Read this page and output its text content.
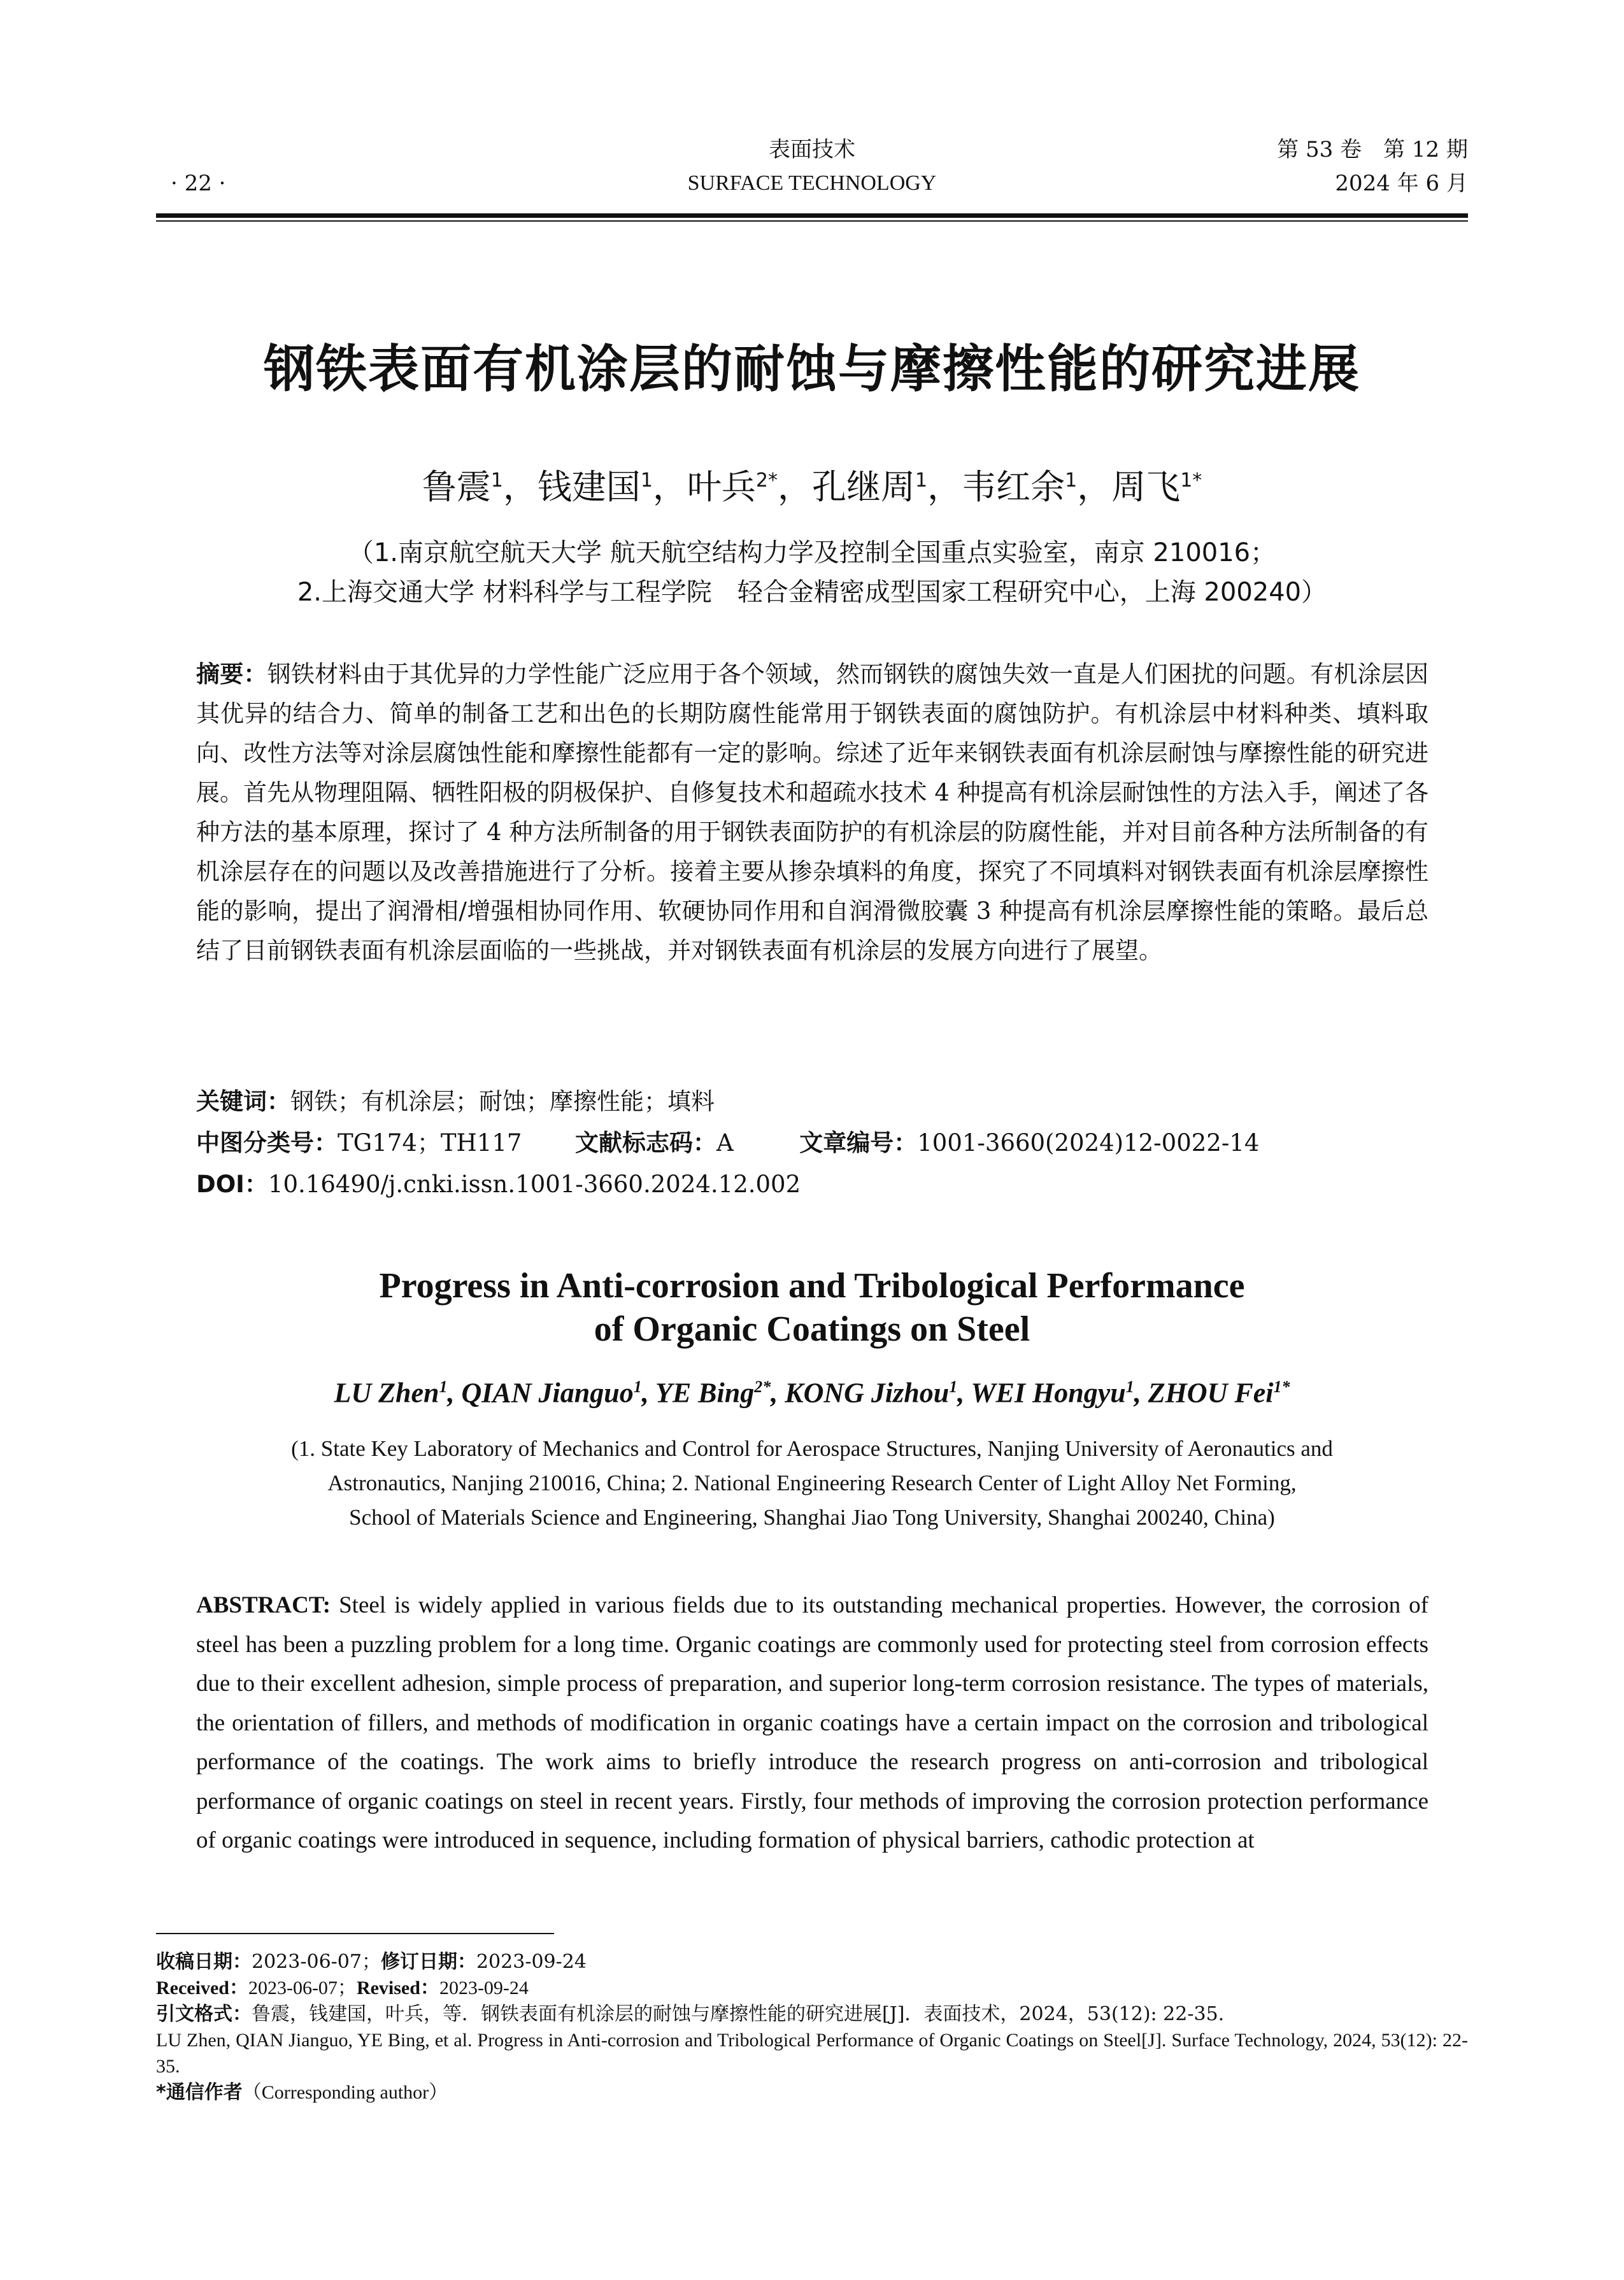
表面技术
· 22 ·	SURFACE TECHNOLOGY
第 53 卷　第 12 期
2024 年 6 月
钢铁表面有机涂层的耐蚀与摩擦性能的研究进展
鲁震$^1$，钱建国$^1$，叶兵$^{2*}$，孔继周$^1$，韦红余$^1$，周飞$^{1*}$
（1.南京航空航天大学 航天航空结构力学及控制全国重点实验室，南京 210016；
2.上海交通大学 材料科学与工程学院　轻合金精密成型国家工程研究中心，上海 200240）
摘要：钢铁材料由于其优异的力学性能广泛应用于各个领域，然而钢铁的腐蚀失效一直是人们困扰的问题。有机涂层因其优异的结合力、简单的制备工艺和出色的长期防腐性能常用于钢铁表面的腐蚀防护。有机涂层中材料种类、填料取向、改性方法等对涂层腐蚀性能和摩擦性能都有一定的影响。综述了近年来钢铁表面有机涂层耐蚀与摩擦性能的研究进展。首先从物理阻隔、牺牲阳极的阴极保护、自修复技术和超疏水技术 4 种提高有机涂层耐蚀性的方法入手，阐述了各种方法的基本原理，探讨了 4 种方法所制备的用于钢铁表面防护的有机涂层的防腐性能，并对目前各种方法所制备的有机涂层存在的问题以及改善措施进行了分析。接着主要从掺杂填料的角度，探究了不同填料对钢铁表面有机涂层摩擦性能的影响，提出了润滑相/增强相协同作用、软硬协同作用和自润滑微胶囊 3 种提高有机涂层摩擦性能的策略。最后总结了目前钢铁表面有机涂层面临的一些挑战，并对钢铁表面有机涂层的发展方向进行了展望。
关键词：钢铁；有机涂层；耐蚀；摩擦性能；填料
中图分类号：TG174；TH117 文献标志码：A	文章编号：1001-3660(2024)12-0022-14
DOI：10.16490/j.cnki.issn.1001-3660.2024.12.002
Progress in Anti-corrosion and Tribological Performance
of Organic Coatings on Steel
LU Zhen$^1$, QIAN Jianguo$^1$, YE Bing$^{2*}$, KONG Jizhou$^1$, WEI Hongyu$^1$, ZHOU Fei$^{1*}$
(1. State Key Laboratory of Mechanics and Control for Aerospace Structures, Nanjing University of Aeronautics and
Astronautics, Nanjing 210016, China; 2. National Engineering Research Center of Light Alloy Net Forming,
School of Materials Science and Engineering, Shanghai Jiao Tong University, Shanghai 200240, China)
ABSTRACT: Steel is widely applied in various fields due to its outstanding mechanical properties. However, the corrosion of steel has been a puzzling problem for a long time. Organic coatings are commonly used for protecting steel from corrosion effects due to their excellent adhesion, simple process of preparation, and superior long-term corrosion resistance. The types of materials, the orientation of fillers, and methods of modification in organic coatings have a certain impact on the corrosion and tribological performance of the coatings. The work aims to briefly introduce the research progress on anti-corrosion and tribological performance of organic coatings on steel in recent years. Firstly, four methods of improving the corrosion protection performance of organic coatings were introduced in sequence, including formation of physical barriers, cathodic protection at
收稿日期：2023-06-07；修订日期：2023-09-24
Received：2023-06-07；Revised：2023-09-24
引文格式：鲁震，钱建国，叶兵，等．钢铁表面有机涂层的耐蚀与摩擦性能的研究进展[J]．表面技术，2024，53(12): 22-35.
LU Zhen, QIAN Jianguo, YE Bing, et al. Progress in Anti-corrosion and Tribological Performance of Organic Coatings on Steel[J]. Surface Technology, 2024, 53(12): 22-35.
*通信作者（Corresponding author）
